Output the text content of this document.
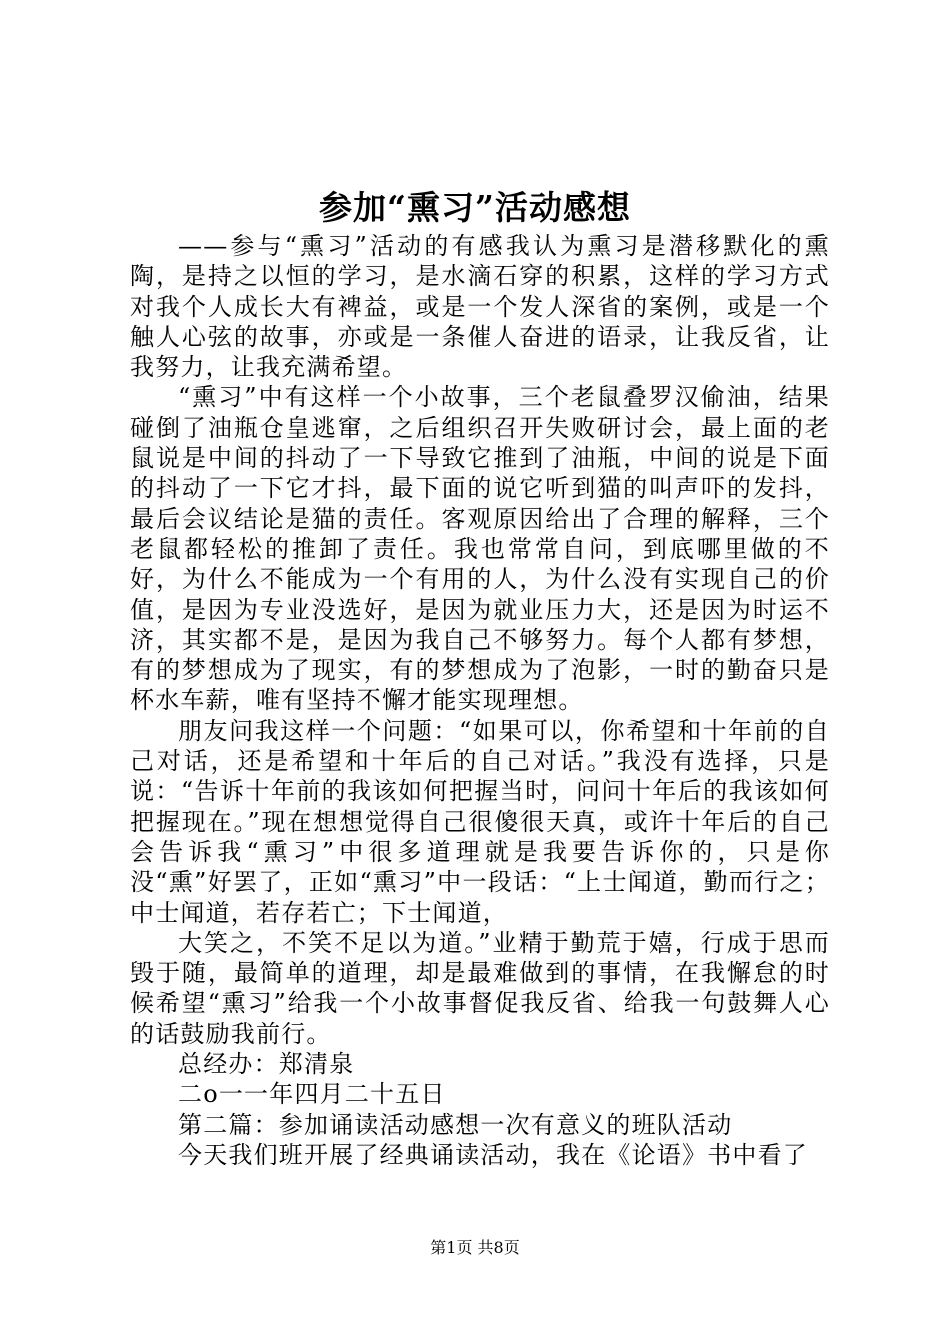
参加“熏习”活动感想

——参与“熏习”活动的有感我认为熏习是潜移默化的熏陶，是持之以恒的学习，是水滴石穿的积累，这样的学习方式对我个人成长大有裨益，或是一个发人深省的案例，或是一个触人心弦的故事，亦或是一条催人奋进的语录，让我反省，让我努力，让我充满希望。

“熏习”中有这样一个小故事，三个老鼠叠罗汉偷油，结果碰倒了油瓶仓皇逃窜，之后组织召开失败研讨会，最上面的老鼠说是中间的抖动了一下导致它推到了油瓶，中间的说是下面的抖动了一下它才抖，最下面的说它听到猫的叫声吓的发抖，最后会议结论是猫的责任。客观原因给出了合理的解释，三个老鼠都轻松的推卸了责任。我也常常自问，到底哪里做的不好，为什么不能成为一个有用的人，为什么没有实现自己的价值，是因为专业没选好，是因为就业压力大，还是因为时运不济，其实都不是，是因为我自己不够努力。每个人都有梦想，有的梦想成为了现实，有的梦想成为了泡影，一时的勤奋只是杯水车薪，唯有坚持不懈才能实现理想。

朋友问我这样一个问题：“如果可以，你希望和十年前的自己对话，还是希望和十年后的自己对话。”我没有选择，只是说：“告诉十年前的我该如何把握当时，问问十年后的我该如何把握现在。”现在想想觉得自己很傻很天真，或许十年后的自己会告诉我“熏习”中很多道理就是我要告诉你的，只是你没“熏”好罢了，正如“熏习”中一段话：“上士闻道，勤而行之；中士闻道，若存若亡；下士闻道，

大笑之，不笑不足以为道。”业精于勤荒于嬉，行成于思而毁于随，最简单的道理，却是最难做到的事情，在我懈怠的时候希望“熏习”给我一个小故事督促我反省、给我一句鼓舞人心的话鼓励我前行。

总经办：郑清泉

二o一一年四月二十五日

第二篇：参加诵读活动感想一次有意义的班队活动

今天我们班开展了经典诵读活动，我在《论语》书中看了

第1页 共8页
